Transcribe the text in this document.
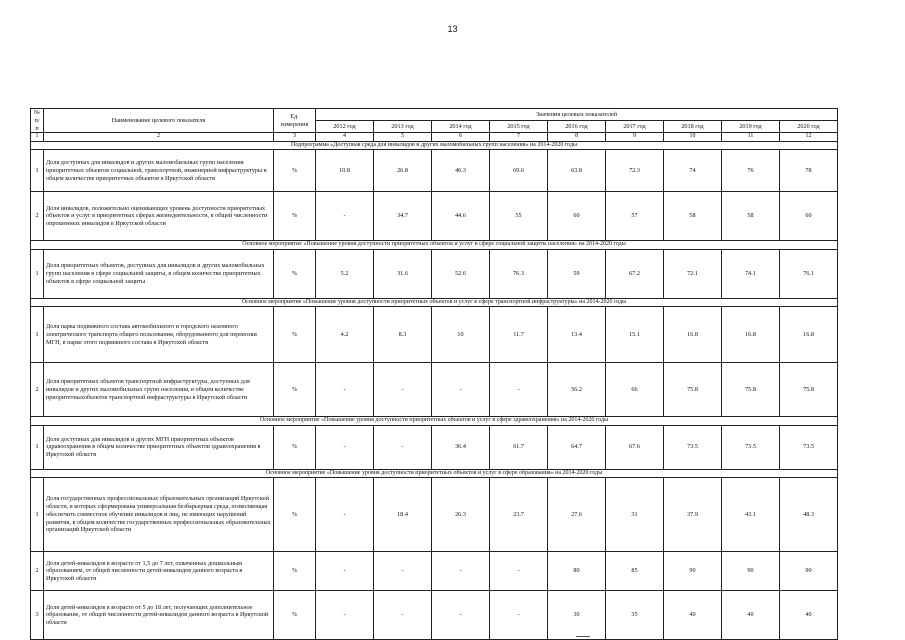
13
№ п/п	Наименование целевого показателя	Ед. измерения	Значения целевых показателей								
			2012 год	2013 год	2014 год	2015 год	2016 год	2017 год	2018 год	2019 год	2020 год
1	2	3	4	5	6	7	8	9	10	11	12
Подпрограмма «Доступная среда для инвалидов и других маломобильных групп населения» на 2014-2020 годы											
1	Доля доступных для инвалидов и других маломобильных групп населения приоритетных объектов социальной, транспортной, инженерной инфраструктуры в общем количестве приоритетных объектов в Иркутской области	%	10.8	26.8	46.3	69.6	63.8	72.3	74	76	78
2	Доля инвалидов, положительно оценивающих уровень доступности приоритетных объектов и услуг в приоритетных сферах жизнедеятельности, в общей численности опрошенных инвалидов в Иркутской области	%	-	34.7	44.6	55	60	57	58	58	60
Основное мероприятие «Повышение уровня доступности приоритетных объектов и услуг в сфере социальной защиты населения» на 2014-2020 годы											
1	Доля приоритетных объектов, доступных для инвалидов и других маломобильных групп населения в сфере социальной защиты, в общем количестве приоритетных объектов в сфере социальной защиты	%	5.2	31.6	52.6	76.3	59	67.2	72.1	74.1	76.1
Основное мероприятие «Повышение уровня доступности приоритетных объектов и услуг в сфере транспортной инфраструктуры» на 2014-2020 годы											
1	Доля парка подвижного состава автомобильного и городского наземного электрического транспорта общего пользования, оборудованного для перевозки МГН, в парке этого подвижного состава в Иркутской области	%	4.2	8.3	10	11.7	13.4	15.1	16.8	16.8	16.8
2	Доля приоритетных объектов транспортной инфраструктуры, доступных для инвалидов и других маломобильных групп населения, в общем количестве приоритетныхобъектов транспортной инфраструктуры в Иркутской области	%	-	-	-	-	56.2	66	75.8	75.8	75.8
Основное мероприятие «Повышение уровня доступности приоритетных объектов и услуг в сфере здравоохранения» на 2014-2020 годы											
1	Доля доступных для инвалидов и других МГН приоритетных объектов здравоохранения в общем количестве приоритетных объектов здравоохранения в Иркутской области	%	-	-	36.4	61.7	64.7	67.6	73.5	73.5	73.5
Основное мероприятие «Повышение уровня доступности приоритетных объектов и услуг в сфере образования» на 2014-2020 годы											
1	Доля государственных профессиональных образовательных организаций Иркутской области, в которых сформирована универсальная безбарьерная среда, позволяющая обеспечить совместное обучение инвалидов и лиц, не имеющих нарушений развития, в общем количестве государственных профессиональных образовательных организаций Иркутской области	%	-	18.4	26.3	23.7	27.6	31	37.9	43.1	48.3
2	Доля детей-инвалидов в возрасте от 1,5 до 7 лет, охваченных дошкольным образованием, от общей численности детей-инвалидов данного возраста в Иркутской области	%	-	-	-	-	80	85	90	90	90
3	Доля детей-инвалидов в возрасте от 5 до 18 лет, получающих дополнительное образование, от общей численности детей-инвалидов данного возраста в Иркутской области	%	-	-	-	-	30	35	40	40	40
